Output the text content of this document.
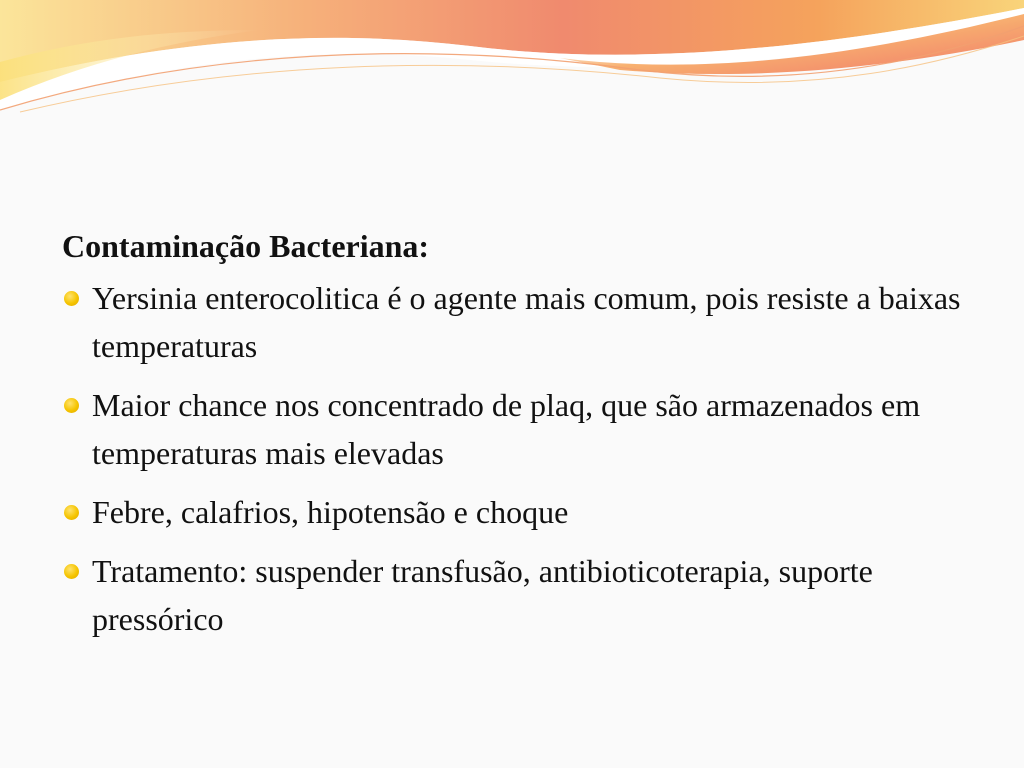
Contaminação Bacteriana:
Yersinia enterocolitica é o agente mais comum, pois resiste a baixas temperaturas
Maior chance nos concentrado de plaq, que são armazenados em temperaturas mais elevadas
Febre, calafrios, hipotensão e choque
Tratamento: suspender transfusão, antibioticoterapia, suporte pressórico
